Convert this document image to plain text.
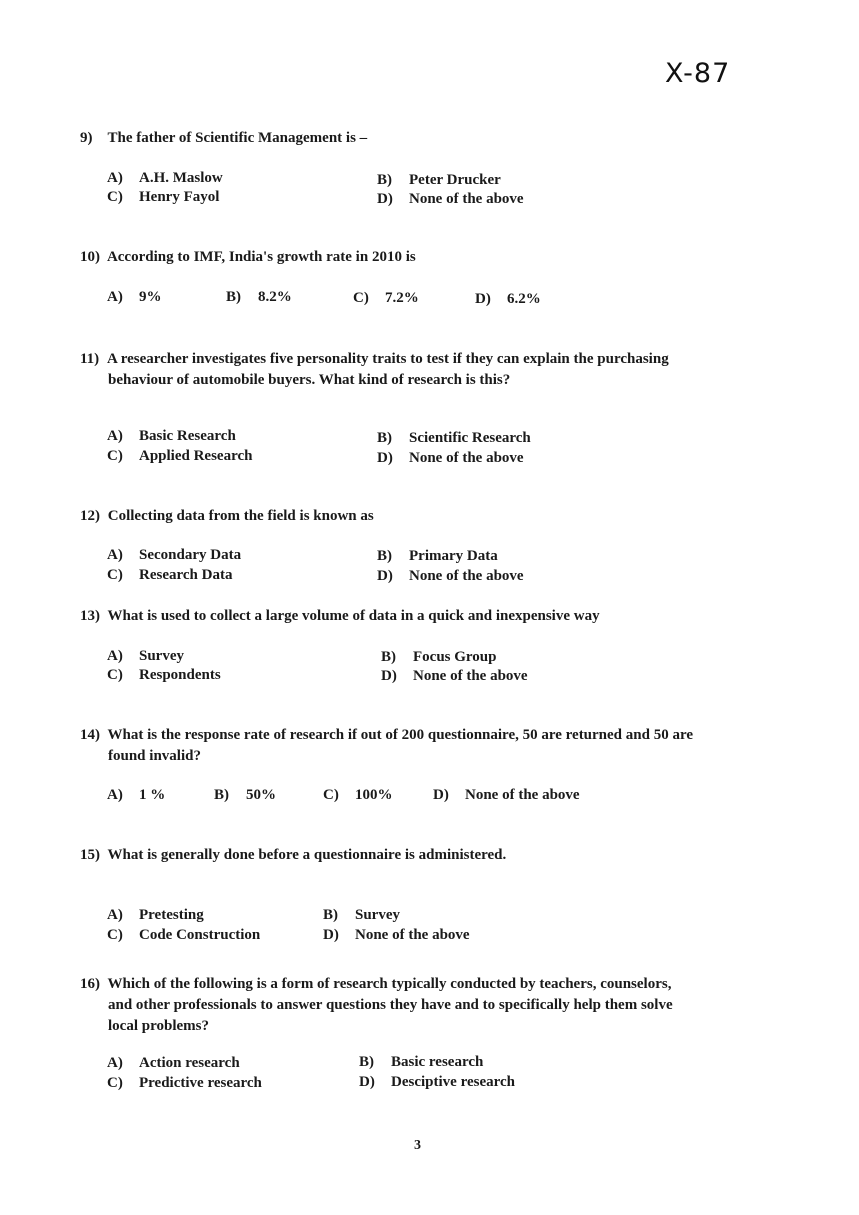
X-87
9) The father of Scientific Management is –
A) A.H. Maslow	B) Peter Drucker
C) Henry Fayol	D) None of the above
10) According to IMF, India's growth rate in 2010 is
A) 9%	B) 8.2%	C) 7.2%	D) 6.2%
11) A researcher investigates five personality traits to test if they can explain the purchasing
behaviour of automobile buyers. What kind of research is this?
A) Basic Research	B) Scientific Research
C) Applied Research	D) None of the above
12) Collecting data from the field is known as
A) Secondary Data	B) Primary Data
C) Research Data	D) None of the above
13) What is used to collect a large volume of data in a quick and inexpensive way
A) Survey	B) Focus Group
C) Respondents	D) None of the above
14) What is the response rate of research if out of 200 questionnaire, 50 are returned and 50 are
found invalid?
A) 1 %	B) 50%	C) 100%	D) None of the above
15) What is generally done before a questionnaire is administered.
A) Pretesting	B) Survey
C) Code Construction	D) None of the above
16) Which of the following is a form of research typically conducted by teachers, counselors,
and other professionals to answer questions they have and to specifically help them solve
local problems?
A) Action research	B) Basic research
C) Predictive research	D) Desciptive research
3
